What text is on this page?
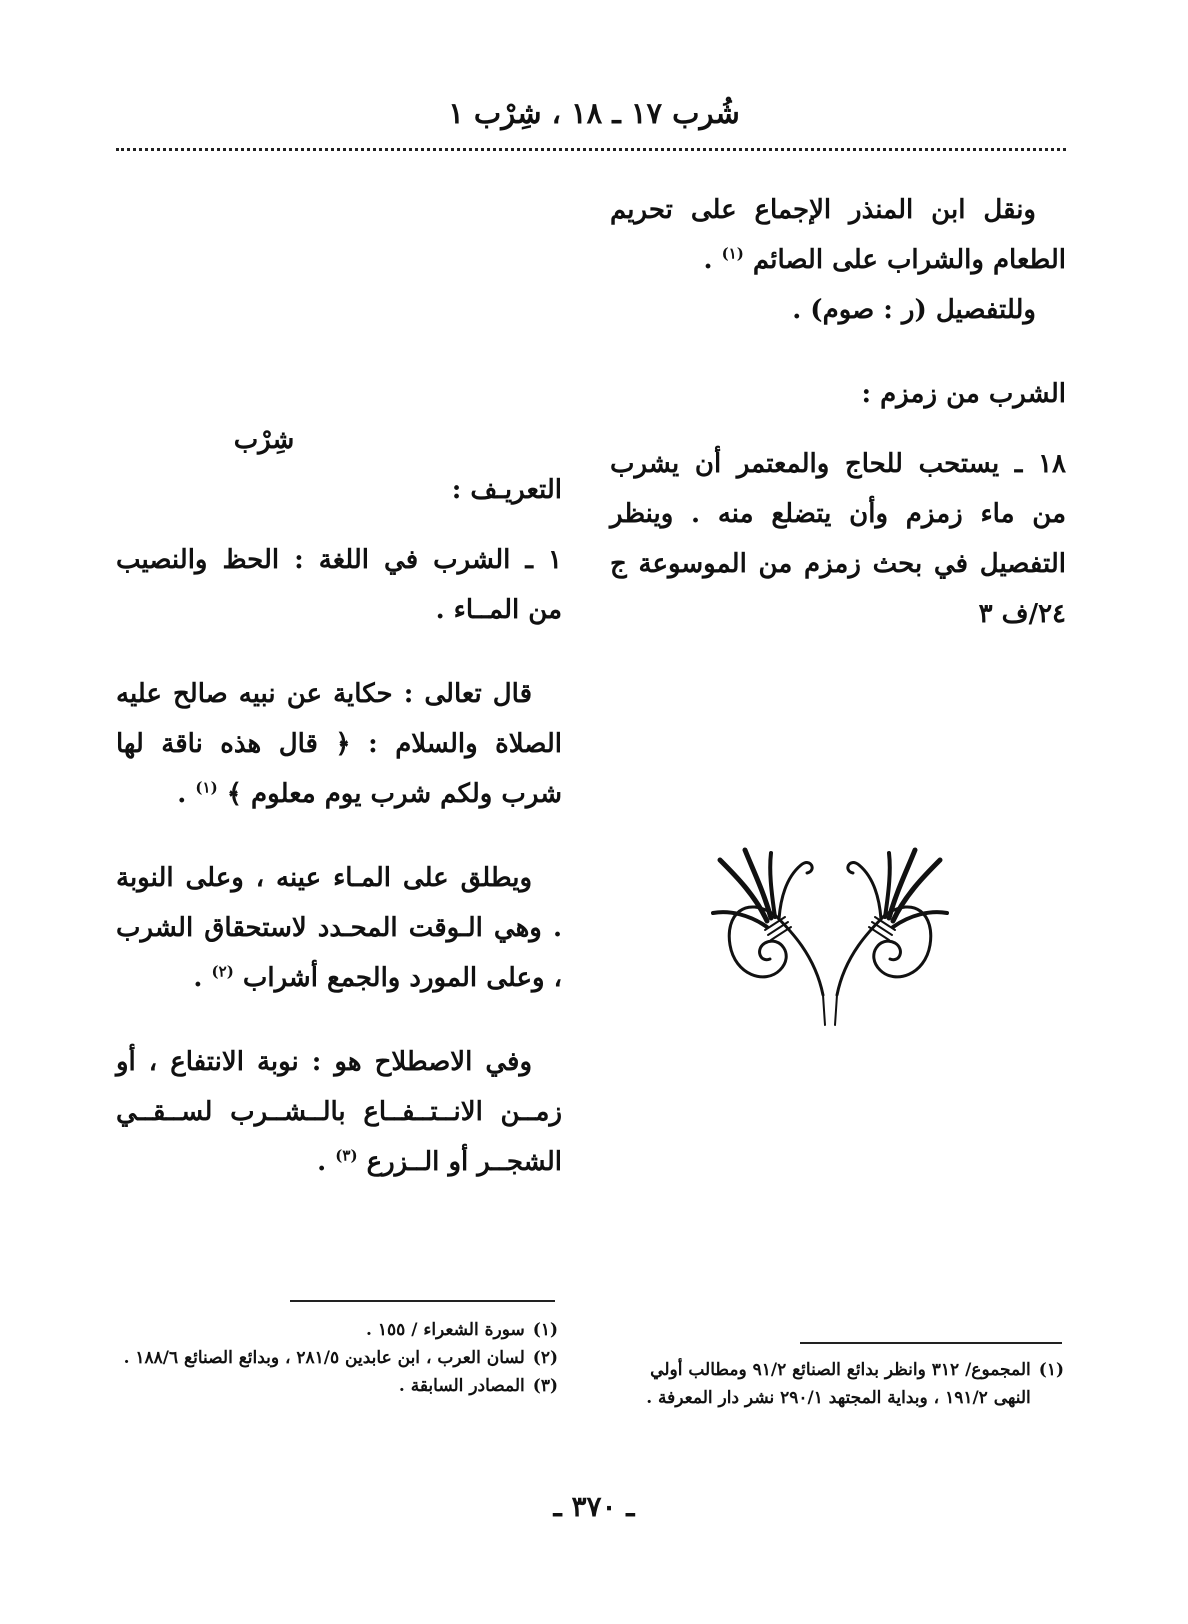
شُرب ١٧ ـ ١٨ ، شِرْب ١

ونقل ابن المنذر الإجماع على تحريم الطعام والشراب على الصائم $^{(١)}$ .

وللتفصيل (ر : صوم) .

الشرب من زمزم :

١٨ ـ يستحب للحاج والمعتمر أن يشرب من ماء زمزم وأن يتضلع منه . وينظر التفصيل في بحث زمزم من الموسوعة ج ٢٤/ف ٣

شِرْب

التعريـف :

١ ـ الشرب في اللغة : الحظ والنصيب من المــاء .

قال تعالى : حكاية عن نبيه صالح عليه الصلاة والسلام : ﴿ قال هذه ناقة لها شرب ولكم شرب يوم معلوم ﴾ $^{(١)}$ .

ويطلق على المـاء عينه ، وعلى النوبة . وهي الـوقت المحـدد لاستحقاق الشرب ، وعلى المورد والجمع أشراب $^{(٢)}$ .

وفي الاصطلاح هو : نوبة الانتفاع ، أو زمــن الانــتــفــاع بالــشــرب لســقــي الشجــر أو الــزرع $^{(٣)}$ .

(١)
سورة الشعراء / ١٥٥ .
(٢)
لسان العرب ، ابن عابدين ٢٨١/٥ ، وبدائع الصنائع ١٨٨/٦ .
(٣)
المصادر السابقة .
(١)
المجموع/ ٣١٢ وانظر بدائع الصنائع ٩١/٢ ومطالب أولي النهى ١٩١/٢ ، وبداية المجتهد ٢٩٠/١ نشر دار المعرفة .
ـ ٣٧٠ ـ
